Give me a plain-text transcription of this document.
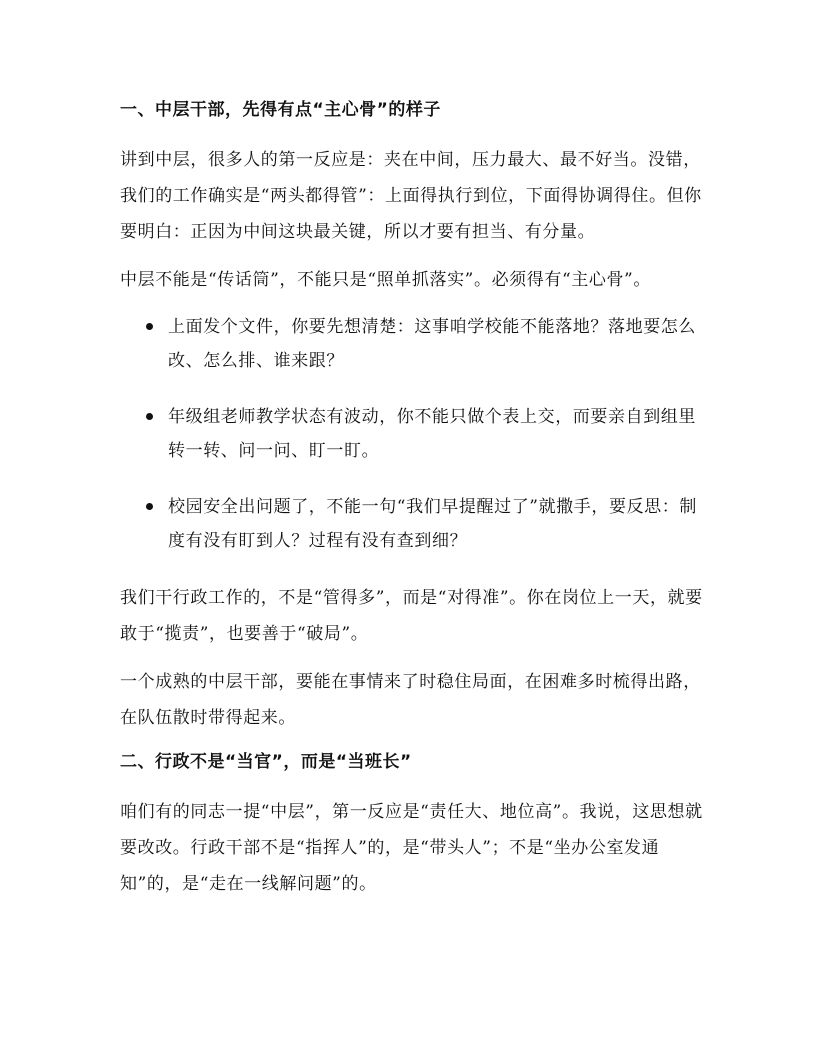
一、中层干部，先得有点“主心骨”的样子
讲到中层，很多人的第一反应是：夹在中间，压力最大、最不好当。没错，我们的工作确实是“两头都得管”：上面得执行到位，下面得协调得住。但你要明白：正因为中间这块最关键，所以才要有担当、有分量。
中层不能是“传话筒”，不能只是“照单抓落实”。必须得有“主心骨”。
上面发个文件，你要先想清楚：这事咱学校能不能落地？落地要怎么改、怎么排、谁来跟？
年级组老师教学状态有波动，你不能只做个表上交，而要亲自到组里转一转、问一问、盯一盯。
校园安全出问题了，不能一句“我们早提醒过了”就撒手，要反思：制度有没有盯到人？过程有没有查到细？
我们干行政工作的，不是“管得多”，而是“对得准”。你在岗位上一天，就要敢于“揽责”，也要善于“破局”。
一个成熟的中层干部，要能在事情来了时稳住局面，在困难多时梳得出路，在队伍散时带得起来。
二、行政不是“当官”，而是“当班长”
咱们有的同志一提“中层”，第一反应是“责任大、地位高”。我说，这思想就要改改。行政干部不是“指挥人”的，是“带头人”；不是“坐办公室发通知”的，是“走在一线解问题”的。
